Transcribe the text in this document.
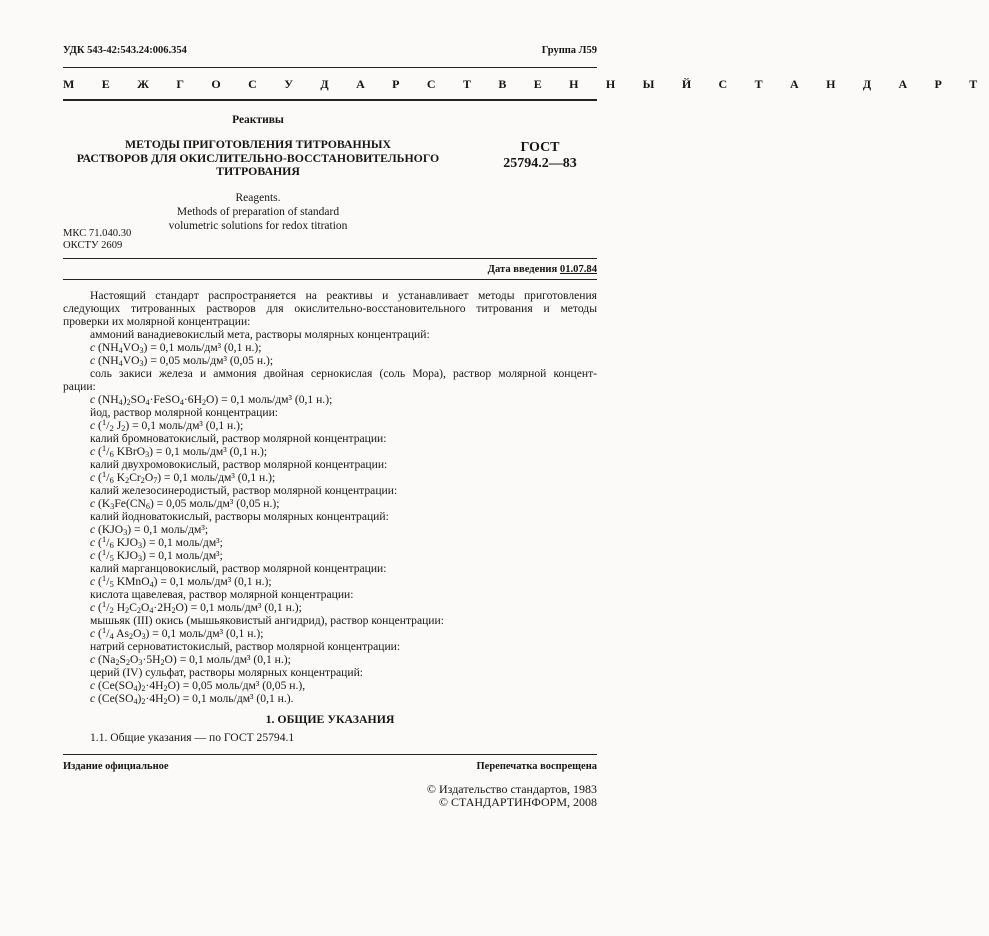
УДК 543-42:543.24:006.354	Группа Л59
М Е Ж Г О С У Д А Р С Т В Е Н Н Ы Й С Т А Н Д А Р Т
Реактивы
МЕТОДЫ ПРИГОТОВЛЕНИЯ ТИТРОВАННЫХ
РАСТВОРОВ ДЛЯ ОКИСЛИТЕЛЬНО-ВОССТАНОВИТЕЛЬНОГО
ТИТРОВАНИЯ
ГОСТ
25794.2—83
Reagents.
Methods of preparation of standard
volumetric solutions for redox titration
МКС 71.040.30
ОКСТУ 2609
Дата введения 01.07.84
Настоящий стандарт распространяется на реактивы и устанавливает методы приготовления
следующих титрованных растворов для окислительно-восстановительного титрования и методы
проверки их молярной концентрации:
аммоний ванадиевокислый мета, растворы молярных концентраций:
c $(NH_4VO_3) = 0,1$ моль/дм³ (0,1 н.);
c $(NH_4VO_3) = 0,05$ моль/дм³ (0,05 н.);
соль закиси железа и аммония двойная сернокислая (соль Мора), раствор молярной концент-
рации:
c $(NH_4)_2SO_4\cdot FeSO_4\cdot 6H_2O) = 0,1$ моль/дм³ (0,1 н.);
йод, раствор молярной концентрации:
c ($^1/_2$ $J_2) = 0,1$ моль/дм³ (0,1 н.);
калий бромноватокислый, раствор молярной концентрации:
c ($^1/_6$ KBrO$_3$) = 0,1 моль/дм³ (0,1 н.);
калий двухромовокислый, раствор молярной концентрации:
c ($^1/_6$ $K_2Cr_2O_7) = 0,1$ моль/дм³ (0,1 н.);
калий железосинеродистый, раствор молярной концентрации:
c ($K_3Fe(CN_6) = 0,05$ моль/дм³ (0,05 н.);
калий йодноватокислый, растворы молярных концентраций:
c $(KJO_3) = 0,1$ моль/дм³;
c ($^1/_6$ $KJO_3) = 0,1$ моль/дм³;
c ($^1/_5$ $KJO_3) = 0,1$ моль/дм³;
калий марганцовокислый, раствор молярной концентрации:
c ($^1/_5$ KMnO$_4$) = 0,1 моль/дм³ (0,1 н.);
кислота щавелевая, раствор молярной концентрации:
c ($^1/_2$ $H_2C_2O_4\cdot 2H_2O) = 0,1$ моль/дм³ (0,1 н.);
мышьяк (III) окись (мышьяковистый ангидрид), раствор концентрации:
c ($^1/_4$ $As_2O_3) = 0,1$ моль/дм³ (0,1 н.);
натрий серноватистокислый, раствор молярной концентрации:
c $(Na_2S_2O_3\cdot 5H_2O) = 0,1$ моль/дм³ (0,1 н.);
церий (IV) сульфат, растворы молярных концентраций:
c $(Ce(SO_4)_2\cdot 4H_2O) = 0,05$ моль/дм³ (0,05 н.),
c $(Ce(SO_4)_2\cdot 4H_2O) = 0,1$ моль/дм³ (0,1 н.).
1. ОБЩИЕ УКАЗАНИЯ
1.1. Общие указания — по ГОСТ 25794.1
Издание официальное	Перепечатка воспрещена
© Издательство стандартов, 1983
© СТАНДАРТИНФОРМ, 2008
